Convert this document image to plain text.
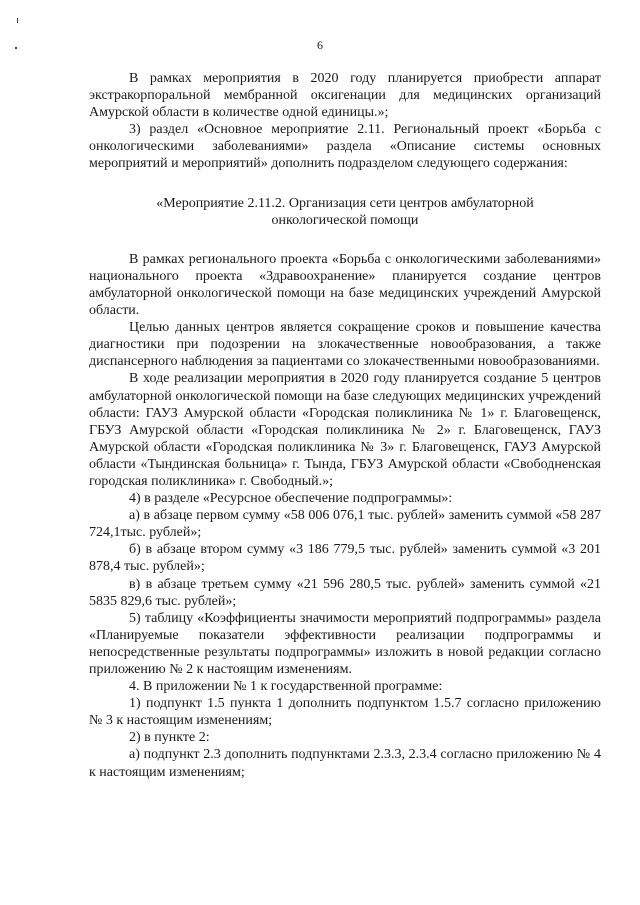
6

В рамках мероприятия в 2020 году планируется приобрести аппарат экстракорпоральной мембранной оксигенации для медицинских организаций Амурской области в количестве одной единицы.»;

3) раздел «Основное мероприятие 2.11. Региональный проект «Борьба с онкологическими заболеваниями» раздела «Описание системы основных мероприятий и мероприятий» дополнить подразделом следующего содержания:

«Мероприятие 2.11.2. Организация сети центров амбулаторной онкологической помощи

В рамках регионального проекта «Борьба с онкологическими заболеваниями» национального проекта «Здравоохранение» планируется создание центров амбулаторной онкологической помощи на базе медицинских учреждений Амурской области.

Целью данных центров является сокращение сроков и повышение качества диагностики при подозрении на злокачественные новообразования, а также диспансерного наблюдения за пациентами со злокачественными новообразованиями.

В ходе реализации мероприятия в 2020 году планируется создание 5 центров амбулаторной онкологической помощи на базе следующих медицинских учреждений области: ГАУЗ Амурской области «Городская поликлиника № 1» г. Благовещенск, ГБУЗ Амурской области «Городская поликлиника № 2» г. Благовещенск, ГАУЗ Амурской области «Городская поликлиника № 3» г. Благовещенск, ГАУЗ Амурской области «Тындинская больница» г. Тында, ГБУЗ Амурской области «Свободненская городская поликлиника» г. Свободный.»;

4) в разделе «Ресурсное обеспечение подпрограммы»:

а) в абзаце первом сумму «58 006 076,1 тыс. рублей» заменить суммой «58 287 724,1тыс. рублей»;

б) в абзаце втором сумму «3 186 779,5 тыс. рублей» заменить суммой «3 201 878,4 тыс. рублей»;

в) в абзаце третьем сумму «21 596 280,5 тыс. рублей» заменить суммой «21 5835 829,6 тыс. рублей»;

5) таблицу «Коэффициенты значимости мероприятий подпрограммы» раздела «Планируемые показатели эффективности реализации подпрограммы и непосредственные результаты подпрограммы» изложить в новой редакции согласно приложению № 2 к настоящим изменениям.

4. В приложении № 1 к государственной программе:

1) подпункт 1.5 пункта 1 дополнить подпунктом 1.5.7 согласно приложению № 3 к настоящим изменениям;

2) в пункте 2:

а) подпункт 2.3 дополнить подпунктами 2.3.3, 2.3.4 согласно приложению № 4 к настоящим изменениям;
